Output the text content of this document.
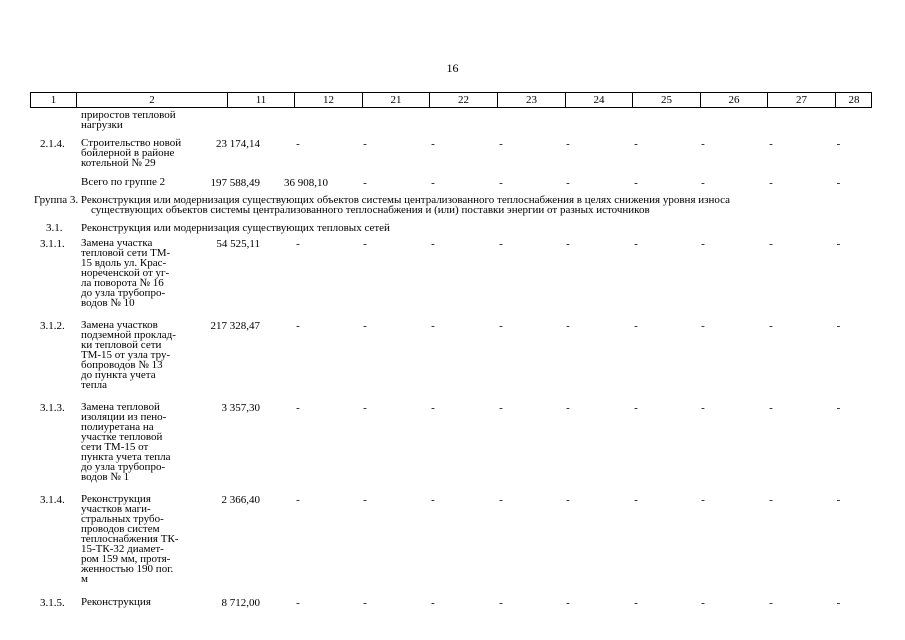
16
1	2	11	12	21	22	23	24	25	26	27	28
приростов тепловой
нагрузки
2.1.4. Строительство новой
бойлерной в районе
котельной № 29
23 174,14	-	-	-	-	-	-	-	-	-
Всего по группе 2	197 588,49	36 908,10	-	-	-	-	-	-	-	-
Группа 3. Реконструкция или модернизация существующих объектов системы централизованного теплоснабжения в целях снижения уровня износа
существующих объектов системы централизованного теплоснабжения и (или) поставки энергии от разных источников
3.1. Реконструкция или модернизация существующих тепловых сетей
3.1.1. Замена участка
тепловой сети ТМ-
15 вдоль ул. Крас-
нореченской от уг-
ла поворота № 16
до узла трубопро-
водов № 10
54 525,11	-	-	-	-	-	-	-	-	-
3.1.2. Замена участков
подземной проклад-
ки тепловой сети
ТМ-15 от узла тру-
бопроводов № 13
до пункта учета
тепла
217 328,47	-	-	-	-	-	-	-	-	-
3.1.3. Замена тепловой
изоляции из пено-
полиуретана на
участке тепловой
сети ТМ-15 от
пункта учета тепла
до узла трубопро-
водов № 1
3 357,30	-	-	-	-	-	-	-	-	-
3.1.4. Реконструкция
участков маги-
стральных трубо-
проводов систем
теплоснабжения ТК-
15-ТК-32 диамет-
ром 159 мм, протя-
женностью 190 пог.
м
2 366,40	-	-	-	-	-	-	-	-	-
3.1.5. Реконструкция	8 712,00	-	-	-	-	-	-	-	-	-
